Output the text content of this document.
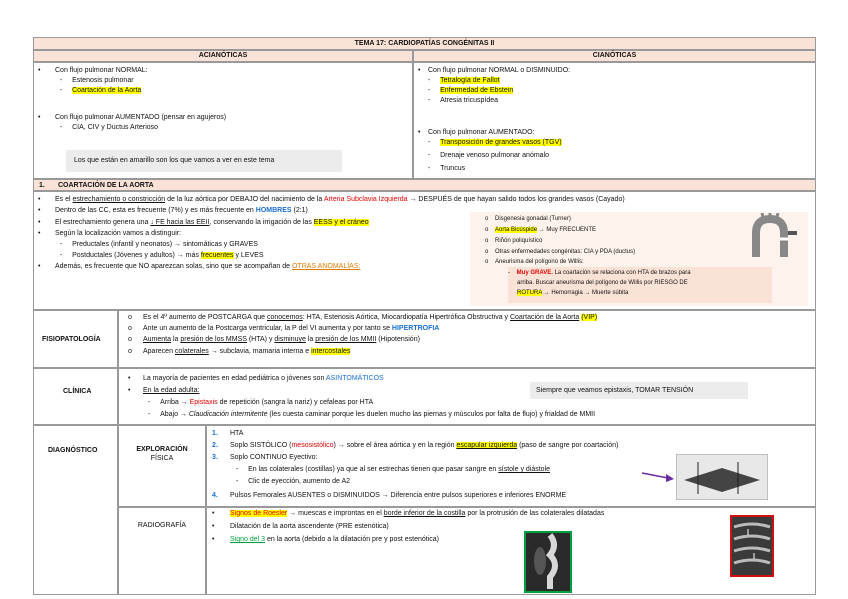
TEMA 17: CARDIOPATÍAS CONGÉNITAS II
ACIANÓTICAS	CIANÓTICAS
• Con flujo pulmonar NORMAL:
-     Estenosis pulmonar
-     Coartación de la Aorta
• Con flujo pulmonar AUMENTADO (pensar en agujeros)
-     CIA, CIV y Ductus Arterioso
Los que están en amarillo son los que vamos a ver en este tema
• Con flujo pulmonar NORMAL o DISMINUIDO:
-     Tetralogía de Fallot
-     Enfermedad de Ebstein
-     Atresia tricuspídea
• Con flujo pulmonar AUMENTADO:
-     Transposición de grandes vasos (TGV)
-     Drenaje venoso pulmonar anómalo
-     Truncus
1. COARTACIÓN DE LA AORTA
• Es el estrechamiento o constricción de la luz aórtica por DEBAJO del nacimiento de la Arteria Subclavia Izquierda → DESPUÉS de que hayan salido todos los grandes vasos (Cayado)
• Dentro de las CC, esta es frecuente (7%) y es más frecuente en HOMBRES (2:1)
• El estrechamiento genera una ↓ FE hacia las EEII, conservando la irrigación de las EESS y el cráneo
• Según la localización vamos a distinguir:
-     Preductales (infantil y neonatos) → sintomáticas y GRAVES
-     Postductales (Jóvenes y adultos) → más frecuentes y LEVES
• Además, es frecuente que NO aparezcan solas, sino que se acompañan de OTRAS ANOMALÍAS:
o    Disgenesia gonadal (Turner)
o    Aorta Bicúspide → Muy FRECUENTE
o    Riñón poliquístico
o    Otras enfermedades congénitas: CIA y PDA (ductus)
o    Aneurisma del polígono de Willis:
-    Muy GRAVE. La coartación se relaciona con HTA de brazos para
arriba. Buscar aneurisma del polígono de Willis por RIESGO DE
ROTURA → Hemorragia → Muerte súbita
FISIOPATOLOGÍA
o Es el 4º aumento de POSTCARGA que conocemos: HTA, Estenosis Aórtica, Miocardiopatía Hipertrófica Obstructiva y Coartación de la Aorta (VIP)
o Ante un aumento de la Postcarga ventricular, la P del VI aumenta y por tanto se HIPERTROFIA
o Aumenta la presión de los MMSS (HTA) y disminuye la presión de los MMII (Hipotensión)
o Aparecen colaterales → subclavia, mamaria interna e intercostales
CLÍNICA
• La mayoría de pacientes en edad pediátrica o jóvenes son ASINTOMÁTICOS
• En la edad adulta:
-     Arriba → Epistaxis de repetición (sangra la nariz) y cefaleas por HTA
-     Abajo → Claudicación intermitente (les cuesta caminar porque les duelen mucho las piernas y músculos por falta de flujo) y frialdad de MMII
Siempre que veamos epistaxis, TOMAR TENSIÓN
DIAGNÓSTICO	EXPLORACIÓN
FÍSICA
1. HTA
2. Soplo SISTÓLICO (mesosistólico) → sobre el área aórtica y en la región escapular izquierda (paso de sangre por coartación)
3. Soplo CONTINUO Eyectivo:
-     En las colaterales (costillas) ya que al ser estrechas tienen que pasar sangre en sístole y diástole
-     Clic de eyección, aumento de A2
4. Pulsos Femorales AUSENTES o DISMINUIDOS → Diferencia entre pulsos superiores e inferiores ENORME
RADIOGRAFÍA
• Signos de Roesler → muescas e improntas en el borde inferior de la costilla por la protrusión de las colaterales dilatadas
• Dilatación de la aorta ascendente (PRE estenótica)
• Signo del 3 en la aorta (debido a la dilatación pre y post estenótica)
